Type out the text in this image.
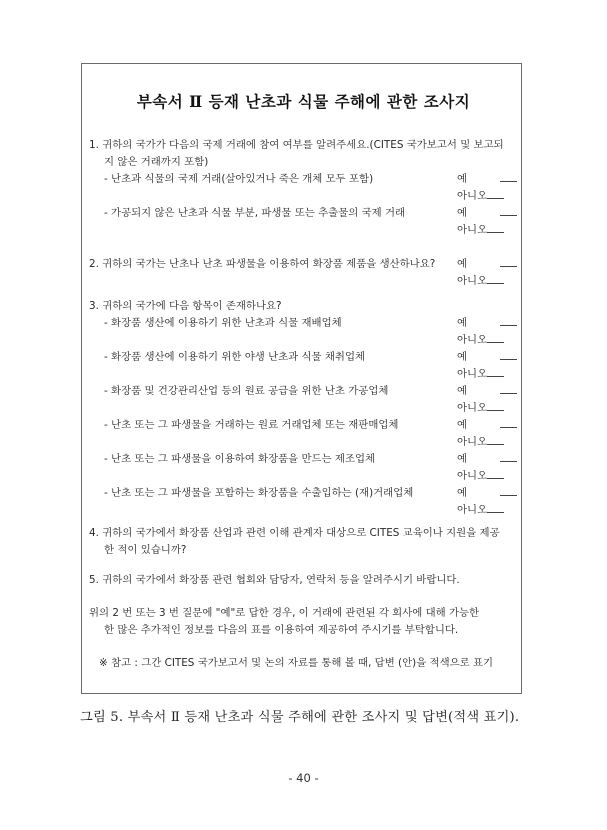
부속서 Ⅱ 등재 난초과 식물 주해에 관한 조사지
1. 귀하의 국가가 다음의 국제 거래에 참여 여부를 알려주세요.(CITES 국가보고서 및 보고되
지 않은 거래까지 포함)
- 난초과 식물의 국제 거래(살아있거나 죽은 개체 모두 포함)	예
아니오
- 가공되지 않은 난초과 식물 부분, 파생물 또는 추출물의 국제 거래	예
아니오
2. 귀하의 국가는 난초나 난초 파생물을 이용하여 화장품 제품을 생산하나요? 예
아니오
3. 귀하의 국가에 다음 항목이 존재하나요?
- 화장품 생산에 이용하기 위한 난초과 식물 재배업체	예
아니오
- 화장품 생산에 이용하기 위한 야생 난초과 식물 채취업체	예
아니오
- 화장품 및 건강관리산업 등의 원료 공급을 위한 난초 가공업체	예
아니오
- 난초 또는 그 파생물을 거래하는 원료 거래업체 또는 재판매업체	예
아니오
- 난초 또는 그 파생물을 이용하여 화장품을 만드는 제조업체	예
아니오
- 난초 또는 그 파생물을 포함하는 화장품을 수출입하는 (재)거래업체	예
아니오
4. 귀하의 국가에서 화장품 산업과 관련 이해 관계자 대상으로 CITES 교육이나 지원을 제공
한 적이 있습니까?
5. 귀하의 국가에서 화장품 관련 협회와 담당자, 연락처 등을 알려주시기 바랍니다.
위의 2 번 또는 3 번 질문에 "예"로 답한 경우, 이 거래에 관련된 각 회사에 대해 가능한
한 많은 추가적인 정보를 다음의 표를 이용하여 제공하여 주시기를 부탁합니다.
※ 참고 : 그간 CITES 국가보고서 및 논의 자료를 통해 볼 때, 답변 (안)을 적색으로 표기
그림 5. 부속서 Ⅱ 등재 난초과 식물 주해에 관한 조사지 및 답변(적색 표기).
- 40 -
